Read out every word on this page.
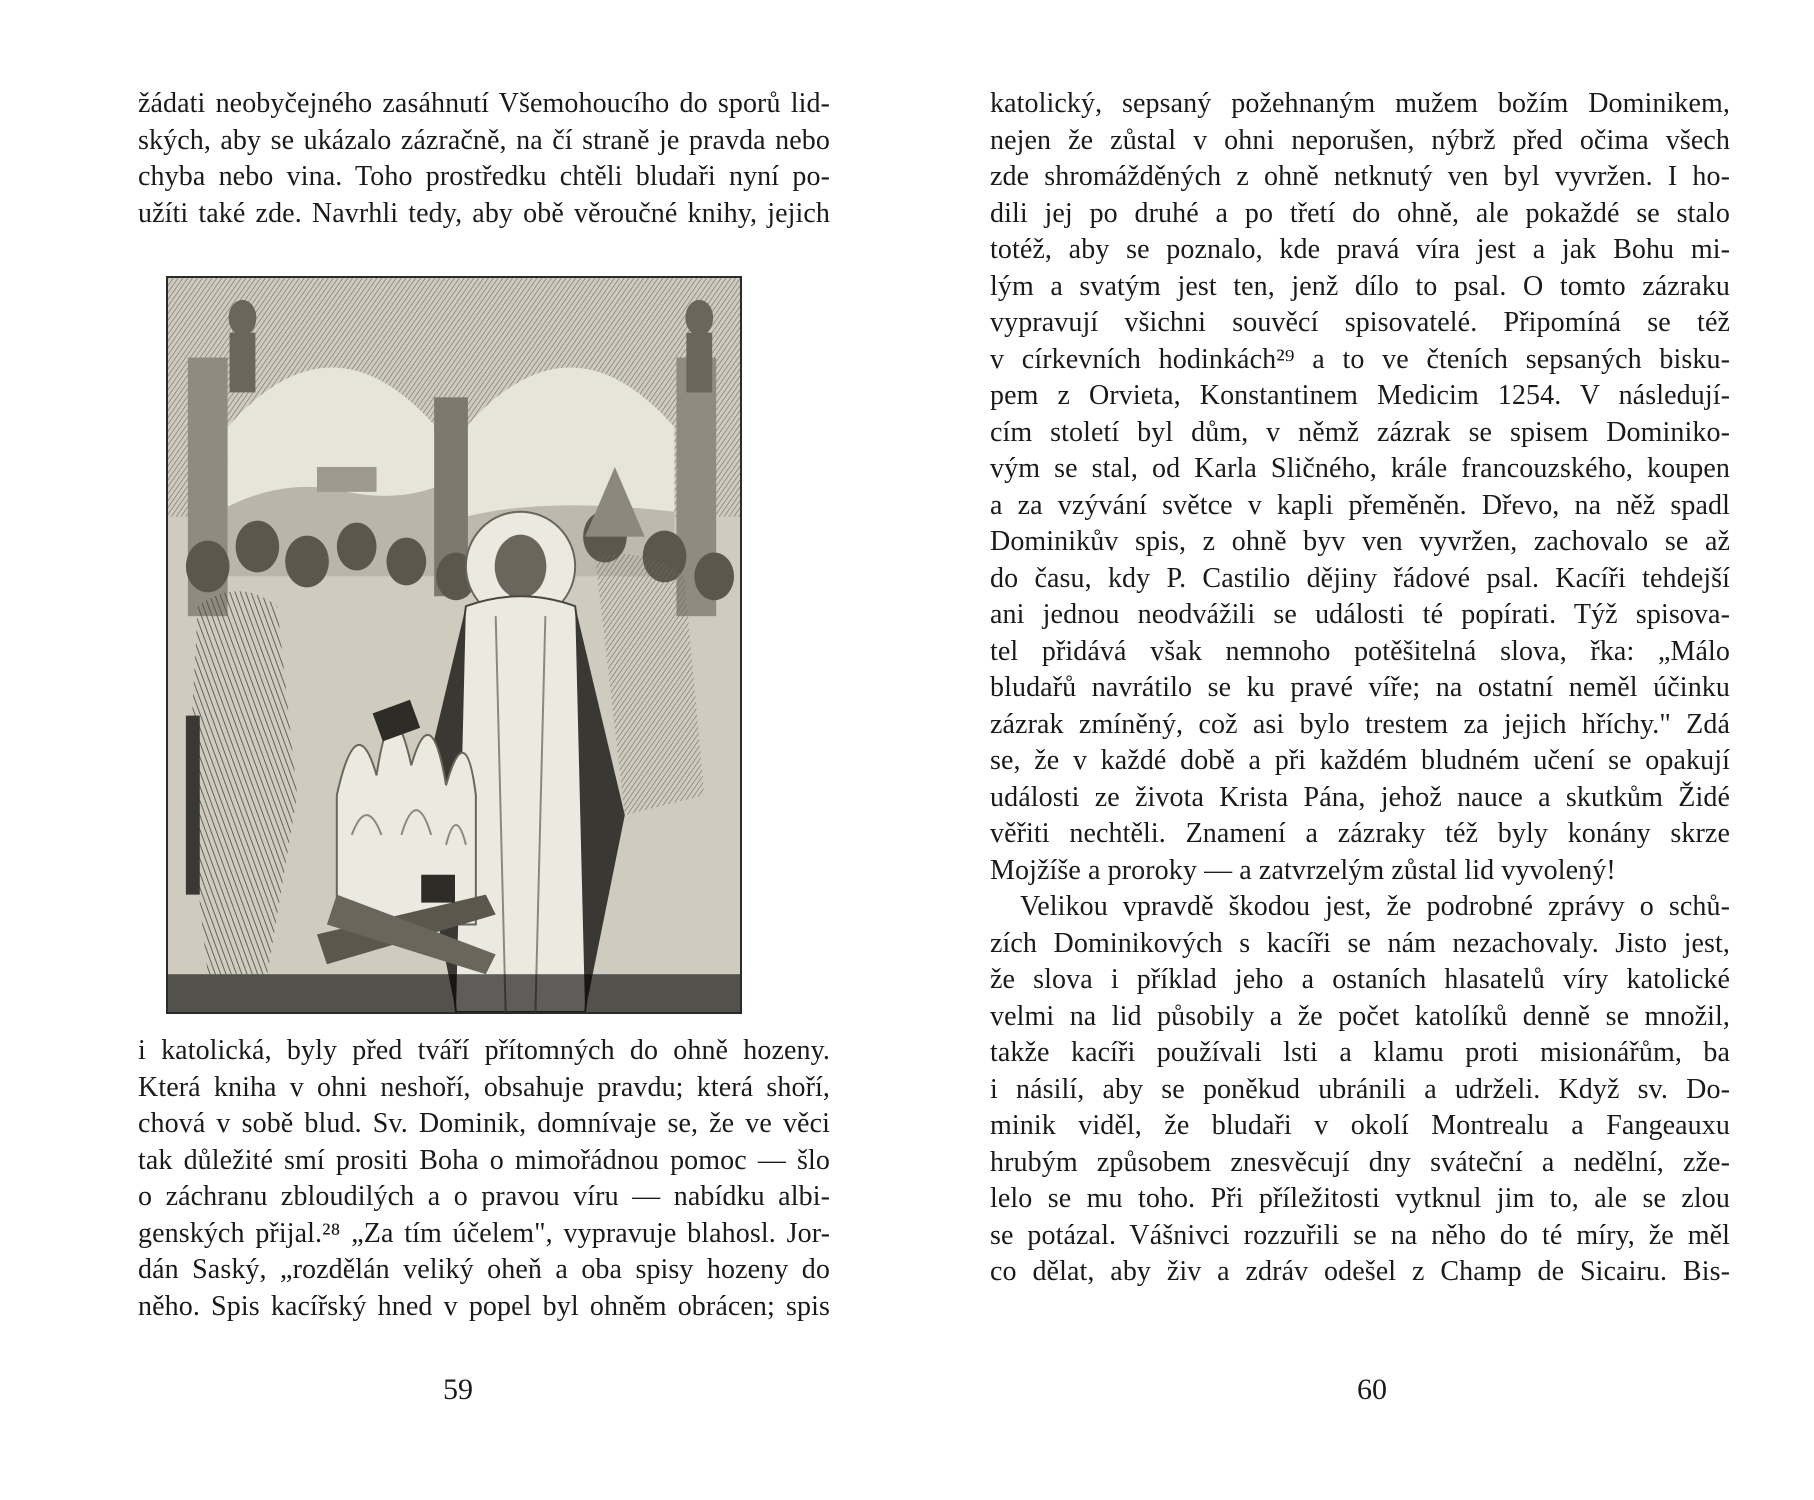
žádati neobyčejného zasáhnutí Všemohoucího do sporů lid-
ských, aby se ukázalo zázračně, na čí straně je pravda nebo
chyba nebo vina. Toho prostředku chtěli bludaři nyní po-
užíti také zde. Navrhli tedy, aby obě věroučné knihy, jejich
i katolická, byly před tváří přítomných do ohně hozeny.
Která kniha v ohni neshoří, obsahuje pravdu; která shoří,
chová v sobě blud. Sv. Dominik, domnívaje se, že ve věci
tak důležité smí prositi Boha o mimořádnou pomoc — šlo
o záchranu zbloudilých a o pravou víru — nabídku albi-
genských přijal.²⁸ „Za tím účelem", vypravuje blahosl. Jor-
dán Saský, „rozdělán veliký oheň a oba spisy hozeny do
něho. Spis kacířský hned v popel byl ohněm obrácen; spis
59
katolický, sepsaný požehnaným mužem božím Dominikem,
nejen že zůstal v ohni neporušen, nýbrž před očima všech
zde shromážděných z ohně netknutý ven byl vyvržen. I ho-
dili jej po druhé a po třetí do ohně, ale pokaždé se stalo
totéž, aby se poznalo, kde pravá víra jest a jak Bohu mi-
lým a svatým jest ten, jenž dílo to psal. O tomto zázraku
vypravují všichni souvěcí spisovatelé. Připomíná se též
v církevních hodinkách²⁹ a to ve čteních sepsaných bisku-
pem z Orvieta, Konstantinem Medicim 1254. V následují-
cím století byl dům, v němž zázrak se spisem Dominiko-
vým se stal, od Karla Sličného, krále francouzského, koupen
a za vzývání světce v kapli přeměněn. Dřevo, na něž spadl
Dominikův spis, z ohně byv ven vyvržen, zachovalo se až
do času, kdy P. Castilio dějiny řádové psal. Kacíři tehdejší
ani jednou neodvážili se události té popírati. Týž spisova-
tel přidává však nemnoho potěšitelná slova, řka: „Málo
bludařů navrátilo se ku pravé víře; na ostatní neměl účinku
zázrak zmíněný, což asi bylo trestem za jejich hříchy." Zdá
se, že v každé době a při každém bludném učení se opakují
události ze života Krista Pána, jehož nauce a skutkům Židé
věřiti nechtěli. Znamení a zázraky též byly konány skrze
Mojžíše a proroky — a zatvrzelým zůstal lid vyvolený!
Velikou vpravdě škodou jest, že podrobné zprávy o schů-
zích Dominikových s kacíři se nám nezachovaly. Jisto jest,
že slova i příklad jeho a ostaních hlasatelů víry katolické
velmi na lid působily a že počet katolíků denně se množil,
takže kacíři používali lsti a klamu proti misionářům, ba
i násilí, aby se poněkud ubránili a udrželi. Když sv. Do-
minik viděl, že bludaři v okolí Montrealu a Fangeauxu
hrubým způsobem znesvěcují dny sváteční a nedělní, zže-
lelo se mu toho. Při příležitosti vytknul jim to, ale se zlou
se potázal. Vášnivci rozzuřili se na něho do té míry, že měl
co dělat, aby živ a zdráv odešel z Champ de Sicairu. Bis-
60
